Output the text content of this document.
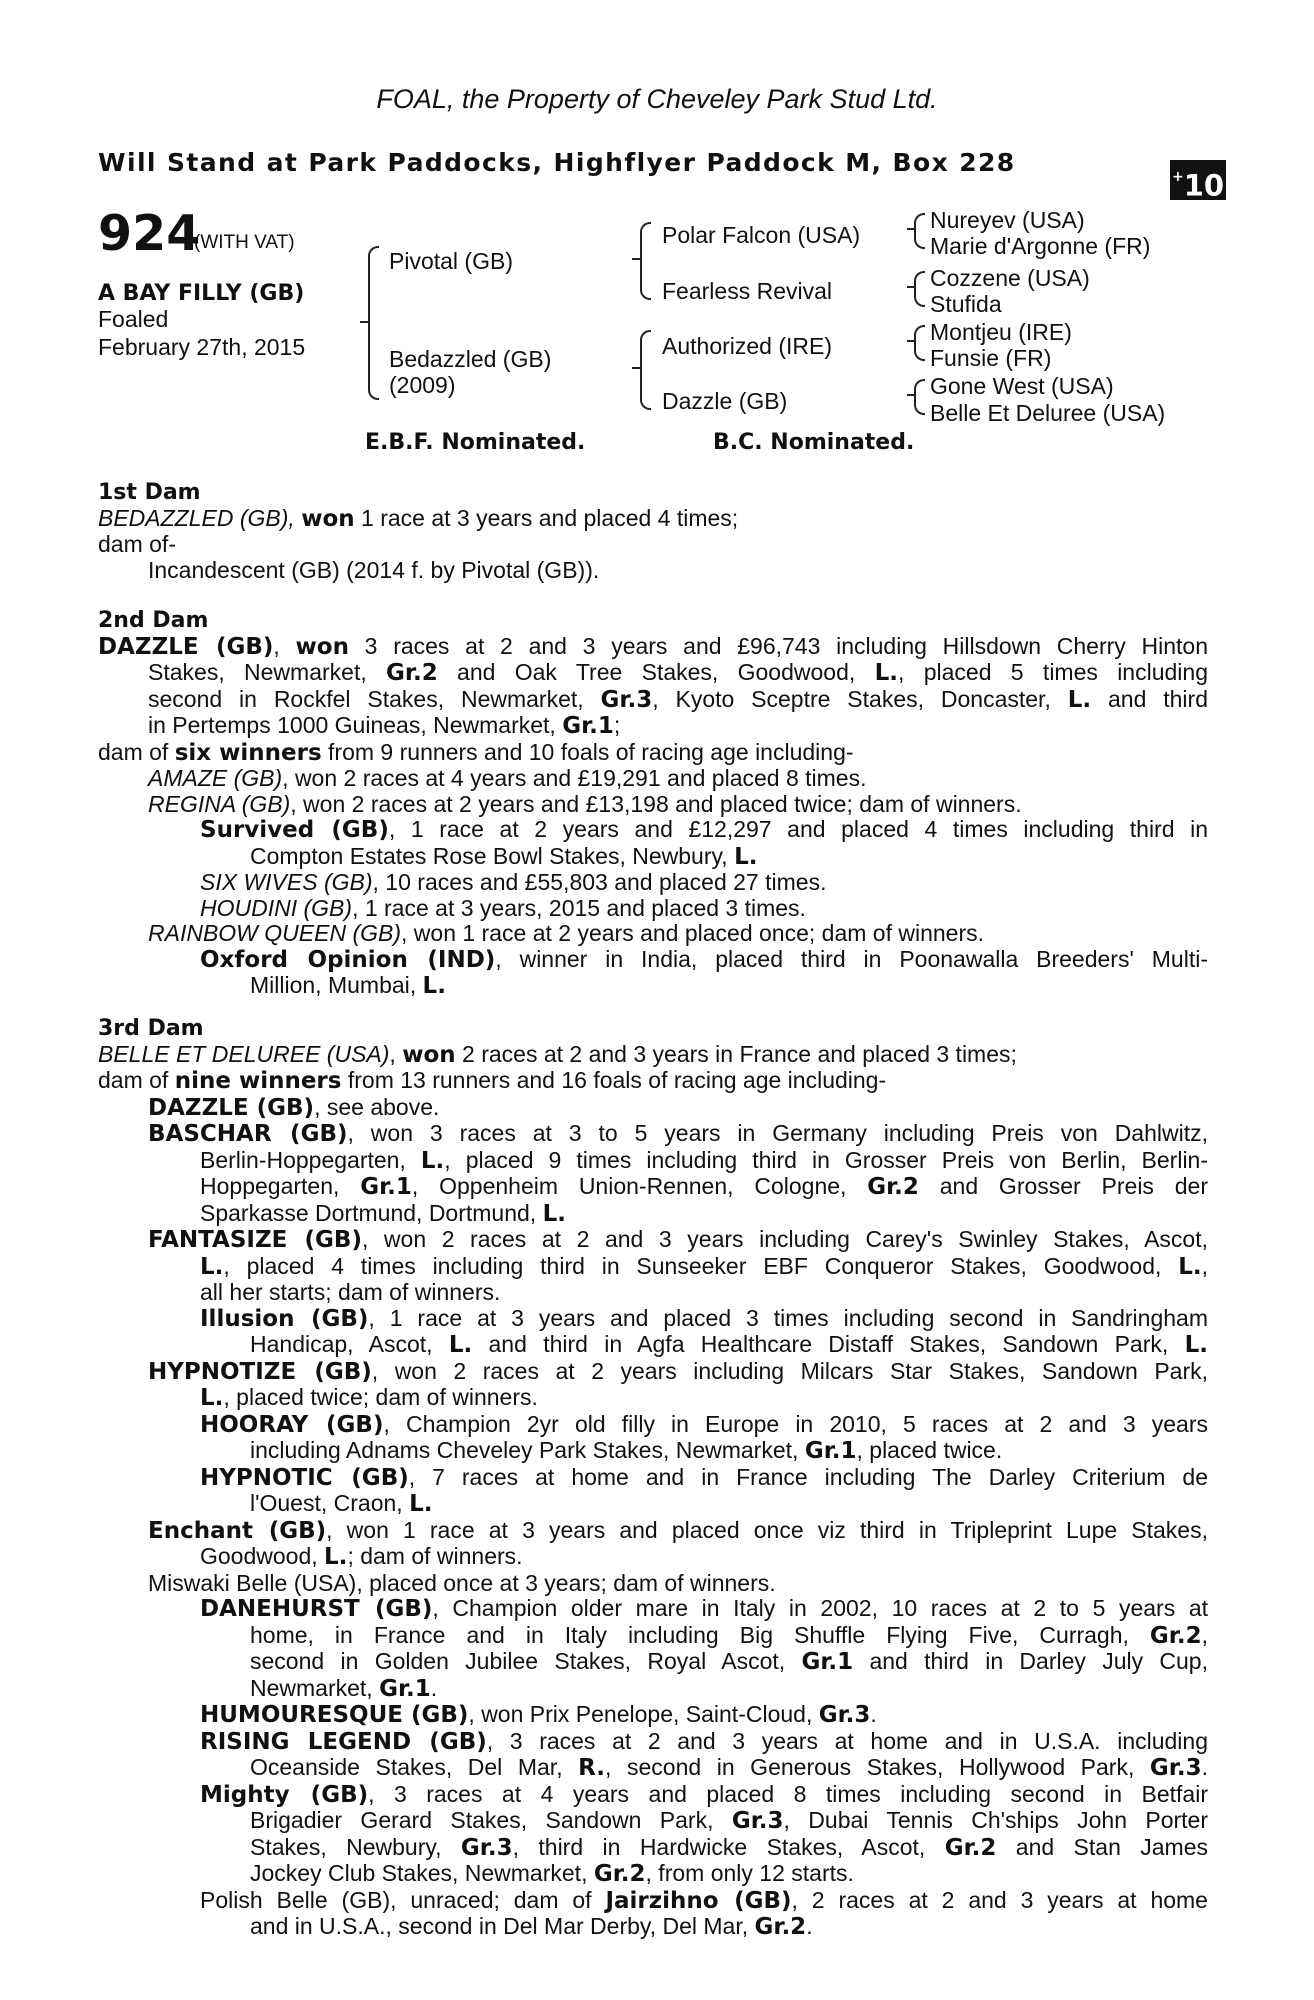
FOAL, the Property of Cheveley Park Stud Ltd.
Will Stand at Park Paddocks, Highflyer Paddock M, Box 228	+10
924
(WITH VAT)
A BAY FILLY (GB)
Foaled
February 27th, 2015
Pivotal (GB)
Bedazzled (GB)
(2009)
Polar Falcon (USA)
Fearless Revival
Authorized (IRE)
Dazzle (GB)
Nureyev (USA)
Marie d'Argonne (FR)
Cozzene (USA)
Stufida
Montjeu (IRE)
Funsie (FR)
Gone West (USA)
Belle Et Deluree (USA)
E.B.F. Nominated.	B.C. Nominated.
1st Dam
BEDAZZLED (GB), won 1 race at 3 years and placed 4 times;
dam of-
Incandescent (GB) (2014 f. by Pivotal (GB)).
2nd Dam
DAZZLE (GB), won 3 races at 2 and 3 years and £96,743 including Hillsdown Cherry Hinton
Stakes, Newmarket, Gr.2 and Oak Tree Stakes, Goodwood, L., placed 5 times including
second in Rockfel Stakes, Newmarket, Gr.3, Kyoto Sceptre Stakes, Doncaster, L. and third
in Pertemps 1000 Guineas, Newmarket, Gr.1;
dam of six winners from 9 runners and 10 foals of racing age including-
AMAZE (GB), won 2 races at 4 years and £19,291 and placed 8 times.
REGINA (GB), won 2 races at 2 years and £13,198 and placed twice; dam of winners.
Survived (GB), 1 race at 2 years and £12,297 and placed 4 times including third in
Compton Estates Rose Bowl Stakes, Newbury, L.
SIX WIVES (GB), 10 races and £55,803 and placed 27 times.
HOUDINI (GB), 1 race at 3 years, 2015 and placed 3 times.
RAINBOW QUEEN (GB), won 1 race at 2 years and placed once; dam of winners.
Oxford Opinion (IND), winner in India, placed third in Poonawalla Breeders' Multi-
Million, Mumbai, L.
3rd Dam
BELLE ET DELUREE (USA), won 2 races at 2 and 3 years in France and placed 3 times;
dam of nine winners from 13 runners and 16 foals of racing age including-
DAZZLE (GB), see above.
BASCHAR (GB), won 3 races at 3 to 5 years in Germany including Preis von Dahlwitz,
Berlin-Hoppegarten, L., placed 9 times including third in Grosser Preis von Berlin, Berlin-
Hoppegarten, Gr.1, Oppenheim Union-Rennen, Cologne, Gr.2 and Grosser Preis der
Sparkasse Dortmund, Dortmund, L.
FANTASIZE (GB), won 2 races at 2 and 3 years including Carey's Swinley Stakes, Ascot,
L., placed 4 times including third in Sunseeker EBF Conqueror Stakes, Goodwood, L.,
all her starts; dam of winners.
Illusion (GB), 1 race at 3 years and placed 3 times including second in Sandringham
Handicap, Ascot, L. and third in Agfa Healthcare Distaff Stakes, Sandown Park, L.
HYPNOTIZE (GB), won 2 races at 2 years including Milcars Star Stakes, Sandown Park,
L., placed twice; dam of winners.
HOORAY (GB), Champion 2yr old filly in Europe in 2010, 5 races at 2 and 3 years
including Adnams Cheveley Park Stakes, Newmarket, Gr.1, placed twice.
HYPNOTIC (GB), 7 races at home and in France including The Darley Criterium de
l'Ouest, Craon, L.
Enchant (GB), won 1 race at 3 years and placed once viz third in Tripleprint Lupe Stakes,
Goodwood, L.; dam of winners.
Miswaki Belle (USA), placed once at 3 years; dam of winners.
DANEHURST (GB), Champion older mare in Italy in 2002, 10 races at 2 to 5 years at
home, in France and in Italy including Big Shuffle Flying Five, Curragh, Gr.2,
second in Golden Jubilee Stakes, Royal Ascot, Gr.1 and third in Darley July Cup,
Newmarket, Gr.1.
HUMOURESQUE (GB), won Prix Penelope, Saint-Cloud, Gr.3.
RISING LEGEND (GB), 3 races at 2 and 3 years at home and in U.S.A. including
Oceanside Stakes, Del Mar, R., second in Generous Stakes, Hollywood Park, Gr.3.
Mighty (GB), 3 races at 4 years and placed 8 times including second in Betfair
Brigadier Gerard Stakes, Sandown Park, Gr.3, Dubai Tennis Ch'ships John Porter
Stakes, Newbury, Gr.3, third in Hardwicke Stakes, Ascot, Gr.2 and Stan James
Jockey Club Stakes, Newmarket, Gr.2, from only 12 starts.
Polish Belle (GB), unraced; dam of Jairzihno (GB), 2 races at 2 and 3 years at home
and in U.S.A., second in Del Mar Derby, Del Mar, Gr.2.
